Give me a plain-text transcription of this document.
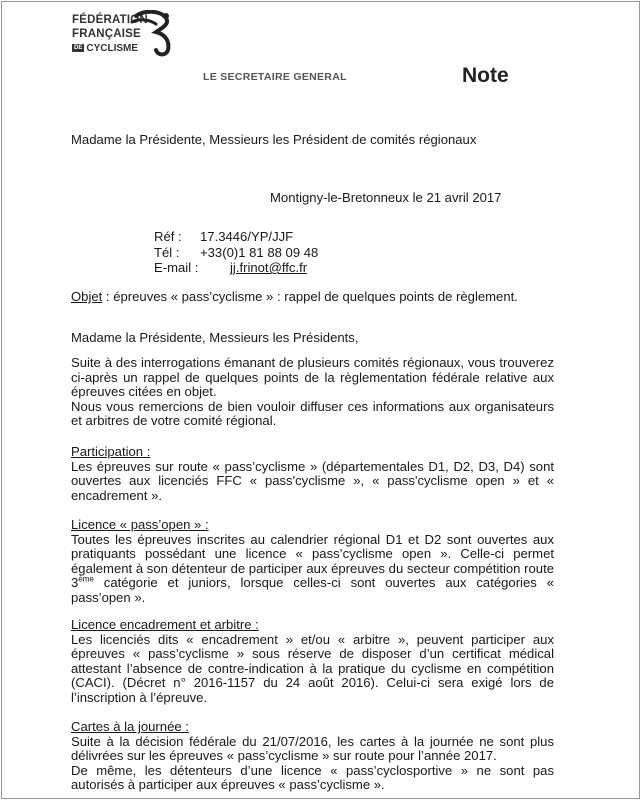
FÉDÉRATION
FRANÇAISE
DE CYCLISME
LE SECRETAIRE GENERAL	Note
Madame la Présidente, Messieurs les Président de comités régionaux
Montigny-le-Bretonneux le 21 avril 2017
Réf : 17.3446/YP/JJF
Tél : +33(0)1 81 88 09 48
E-mail : jj.frinot@ffc.fr
Objet : épreuves « pass’cyclisme » : rappel de quelques points de règlement.
Madame la Présidente, Messieurs les Présidents,

Suite à des interrogations émanant de plusieurs comités régionaux, vous trouverez ci-après un rappel de quelques points de la règlementation fédérale relative aux épreuves citées en objet.

Nous vous remercions de bien vouloir diffuser ces informations aux organisateurs et arbitres de votre comité régional.

Participation :

Les épreuves sur route « pass’cyclisme » (départementales D1, D2, D3, D4) sont ouvertes aux licenciés FFC « pass'cyclisme », « pass'cyclisme open » et « encadrement ».

Licence « pass’open » :

Toutes les épreuves inscrites au calendrier régional D1 et D2 sont ouvertes aux pratiquants possédant une licence « pass’cyclisme open ». Celle-ci permet également à son détenteur de participer aux épreuves du secteur compétition route 3ème catégorie et juniors, lorsque celles-ci sont ouvertes aux catégories « pass’open ».

Licence encadrement et arbitre :

Les licenciés dits « encadrement » et/ou « arbitre », peuvent participer aux épreuves « pass’cyclisme » sous réserve de disposer d’un certificat médical attestant l’absence de contre-indication à la pratique du cyclisme en compétition (CACI). (Décret n° 2016-1157 du 24 août 2016). Celui-ci sera exigé lors de l’inscription à l’épreuve.

Cartes à la journée :

Suite à la décision fédérale du 21/07/2016, les cartes à la journée ne sont plus délivrées sur les épreuves « pass’cyclisme » sur route pour l’année 2017.

De même, les détenteurs d’une licence « pass’cyclosportive » ne sont pas autorisés à participer aux épreuves « pass’cyclisme ».
